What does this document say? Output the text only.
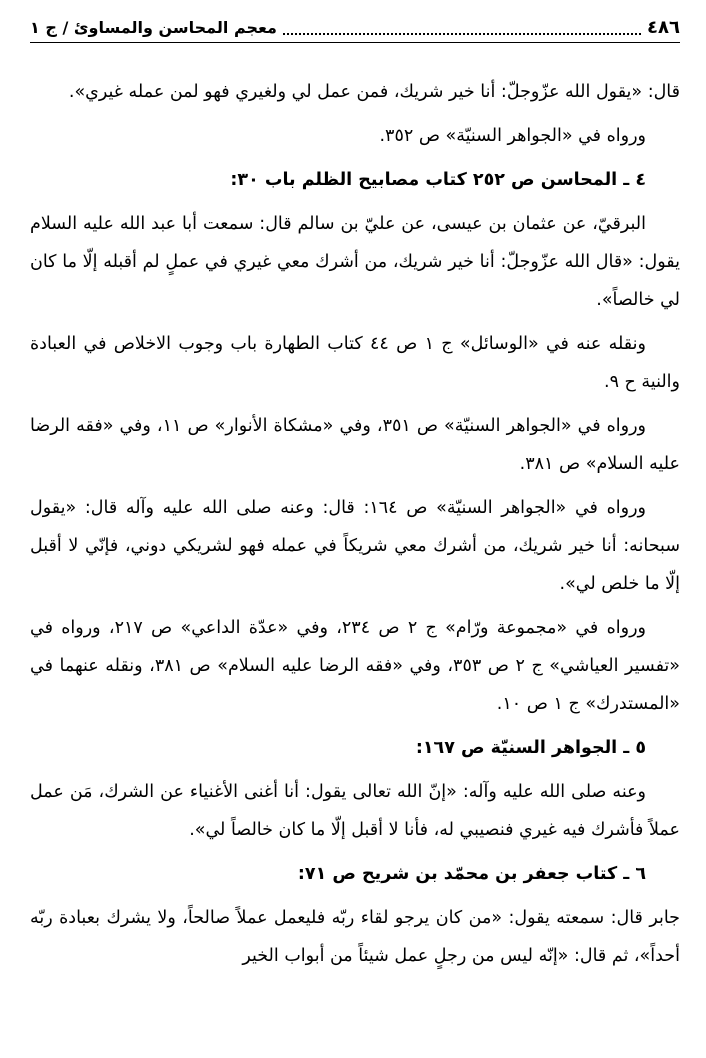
٤٨٦
معجم المحاسن والمساوئ / ج ١

قال: «يقول الله عزّوجلّ: أنا خير شريك، فمن عمل لي ولغيري فهو لمن عمله غيري».

ورواه في «الجواهر السنيّة» ص ٣٥٢.

٤ ـ المحاسن ص ٢٥٢ كتاب مصابيح الظلم باب ٣٠:

البرقيّ، عن عثمان بن عيسى، عن عليّ بن سالم قال: سمعت أبا عبد الله عليه السلام يقول: «قال الله عزّوجلّ: أنا خير شريك، من أشرك معي غيري في عملٍ لم أقبله إلّا ما كان لي خالصاً».

ونقله عنه في «الوسائل» ج ١ ص ٤٤ كتاب الطهارة باب وجوب الاخلاص في العبادة والنية ح ٩.

ورواه في «الجواهر السنيّة» ص ٣٥١، وفي «مشكاة الأنوار» ص ١١، وفي «فقه الرضا عليه السلام» ص ٣٨١.

ورواه في «الجواهر السنيّة» ص ١٦٤: قال: وعنه صلى الله عليه وآله قال: «يقول سبحانه: أنا خير شريك، من أشرك معي شريكاً في عمله فهو لشريكي دوني، فإنّي لا أقبل إلّا ما خلص لي».

ورواه في «مجموعة ورّام» ج ٢ ص ٢٣٤، وفي «عدّة الداعي» ص ٢١٧، ورواه في «تفسير العياشي» ج ٢ ص ٣٥٣، وفي «فقه الرضا عليه السلام» ص ٣٨١، ونقله عنهما في «المستدرك» ج ١ ص ١٠.

٥ ـ الجواهر السنيّة ص ١٦٧:

وعنه صلى الله عليه وآله: «إنّ الله تعالى يقول: أنا أغنى الأغنياء عن الشرك، مَن عمل عملاً فأشرك فيه غيري فنصيبي له، فأنا لا أقبل إلّا ما كان خالصاً لي».

٦ ـ كتاب جعفر بن محمّد بن شريح ص ٧١:

جابر قال: سمعته يقول: «من كان يرجو لقاء ربّه فليعمل عملاً صالحاً، ولا يشرك بعبادة ربّه أحداً»، ثم قال: «إنّه ليس من رجلٍ عمل شيئاً من أبواب الخير
